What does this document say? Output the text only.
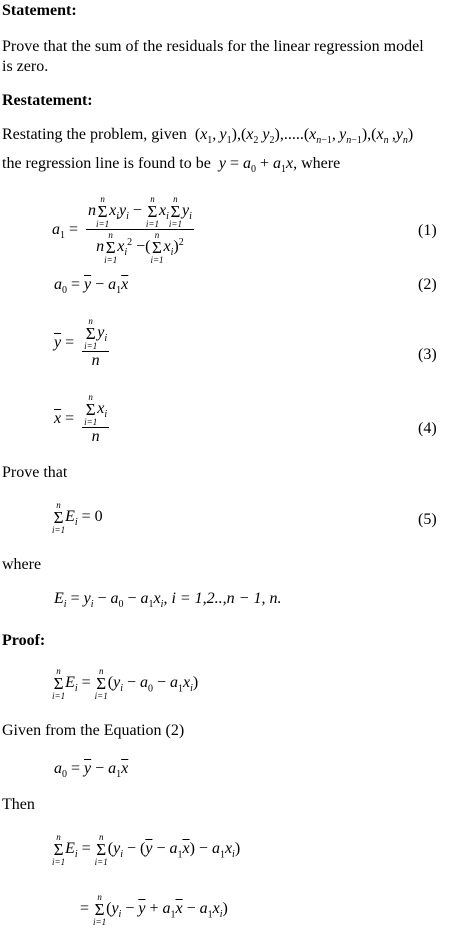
Statement:
Prove that the sum of the residuals for the linear regression model
is zero.
Restatement:
Restating the problem, given  ($x_1$, $y_1),(x_2$ $y_2),.....(x_{n-1}$, $y_{n-1}),(x_n$ $,y_n$)
the regression line is found to be $y = a_0 + a_1x$, where
$a_1 = n$
n
Σ
i=1
$x_iy_i$ −
n
Σ
i=1
$x_i$
n
Σ
i=1
$y_i$
n
n
Σ
i=1
$x_i^2$ −(
n
Σ
i=1
$x_i)^2$	(1)
$a_0 = \overline{y} - a_1\overline{x}$	(2)
$\overline{y} = n$
Σ
i=1
$y_i$
n	(3)
$\overline{x} = n$
Σ
i=1
$x_i$
n	(4)
Prove that
n
Σ
i=1
$E_i = 0$	(5)
where
$E_i = y_i - a_0 - a_1x_i$, i = 1,2..,n − 1, n.
Proof:
n
Σ
i=1
$E_i$ =
n
Σ
i=1
$(y_i - a_0 - a_1x_i)$
Given from the Equation (2)
$a_0 = \overline{y} - a_1\overline{x}$
Then
n
Σ
i=1
$E_i$ =
n
Σ
i=1
$(y_i - (\overline{y} - a_1\overline{x}) - a_1x_i)$
=
n
Σ
i=1
$(y_i - \overline{y} + a_1\overline{x} - a_1x_i)$
